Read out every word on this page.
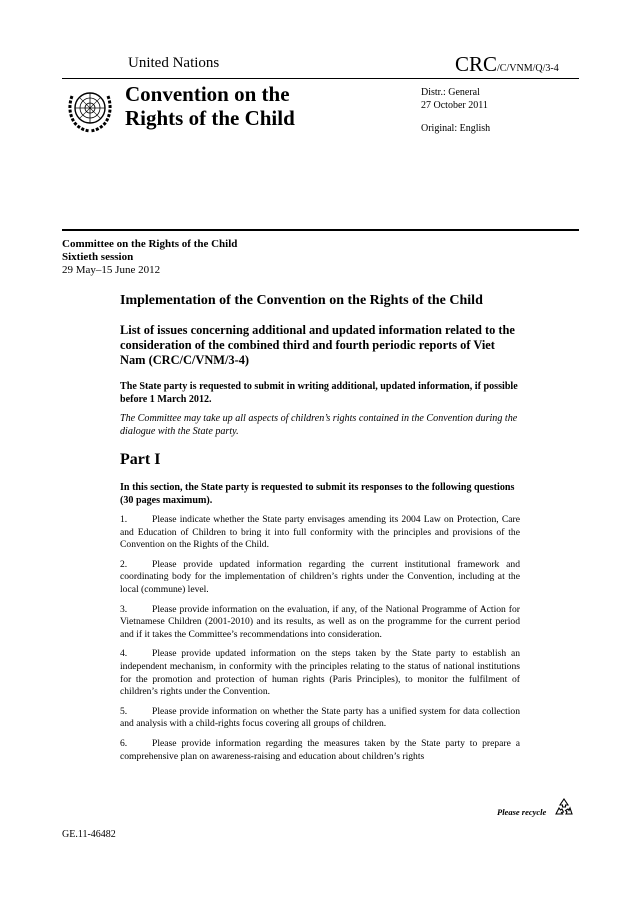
United Nations	CRC/C/VNM/Q/3-4
Convention on the
Rights of the Child
Distr.: General
27 October 2011
Original: English
Committee on the Rights of the Child
Sixtieth session
29 May–15 June 2012
Implementation of the Convention on the Rights of the Child
List of issues concerning additional and updated information related to the consideration of the combined third and fourth periodic reports of Viet Nam (CRC/C/VNM/3-4)

The State party is requested to submit in writing additional, updated information, if possible before 1 March 2012.

The Committee may take up all aspects of children’s rights contained in the Convention during the dialogue with the State party.

Part I

In this section, the State party is requested to submit its responses to the following questions (30 pages maximum).

1.	Please indicate whether the State party envisages amending its 2004 Law on Protection, Care and Education of Children to bring it into full conformity with the principles and provisions of the Convention on the Rights of the Child.

2.	Please provide updated information regarding the current institutional framework and coordinating body for the implementation of children’s rights under the Convention, including at the local (commune) level.

3.	Please provide information on the evaluation, if any, of the National Programme of Action for Vietnamese Children (2001-2010) and its results, as well as on the programme for the current period and if it takes the Committee’s recommendations into consideration.

4.	Please provide updated information on the steps taken by the State party to establish an independent mechanism, in conformity with the principles relating to the status of national institutions for the promotion and protection of human rights (Paris Principles), to monitor the fulfilment of children’s rights under the Convention.

5.	Please provide information on whether the State party has a unified system for data collection and analysis with a child-rights focus covering all groups of children.

6.	Please provide information regarding the measures taken by the State party to prepare a comprehensive plan on awareness-raising and education about children’s rights

Please recycle
GE.11-46482
